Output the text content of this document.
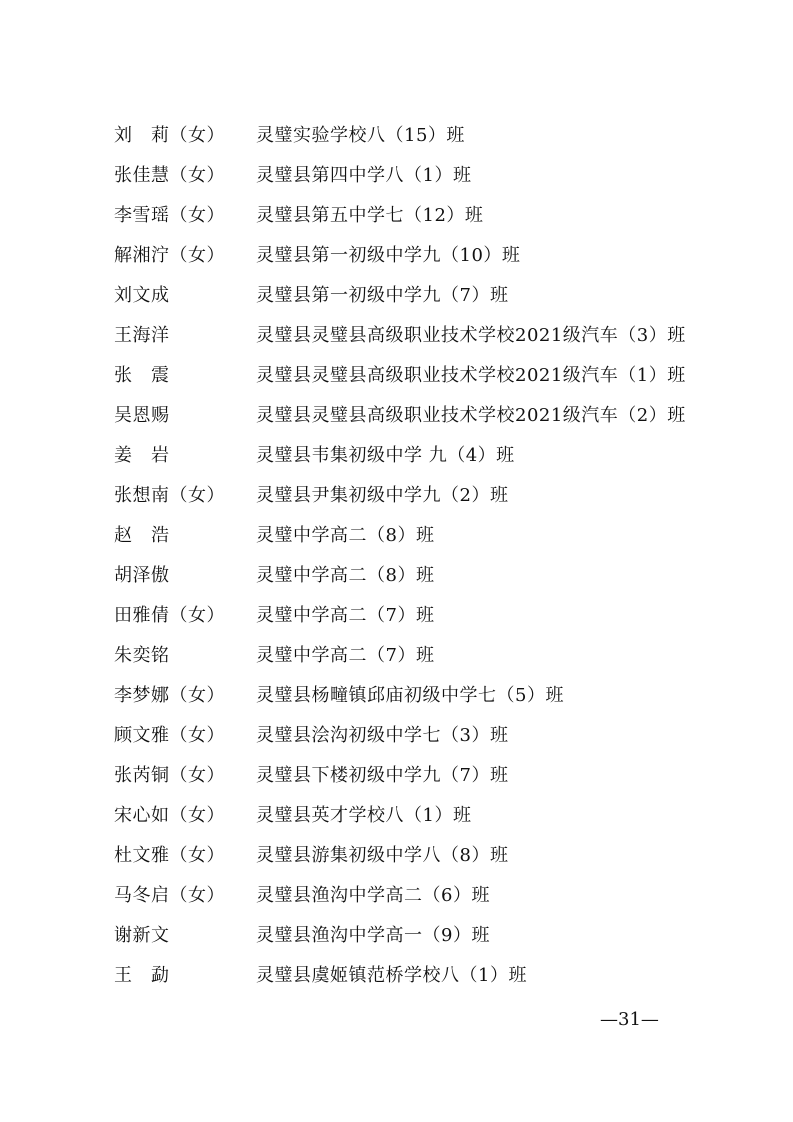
刘　莉（女）	灵璧实验学校八（15）班
张佳慧（女）	灵璧县第四中学八（1）班
李雪瑶（女）	灵璧县第五中学七（12）班
解湘泞（女）	灵璧县第一初级中学九（10）班
刘文成	灵璧县第一初级中学九（7）班
王海洋	灵璧县灵璧县高级职业技术学校2021级汽车（3）班
张　震	灵璧县灵璧县高级职业技术学校2021级汽车（1）班
吴恩赐	灵璧县灵璧县高级职业技术学校2021级汽车（2）班
姜　岩	灵璧县韦集初级中学 九（4）班
张想南（女）	灵璧县尹集初级中学九（2）班
赵　浩	灵璧中学高二（8）班
胡泽傲	灵璧中学高二（8）班
田雅倩（女）	灵璧中学高二（7）班
朱奕铭	灵璧中学高二（7）班
李梦娜（女）	灵璧县杨疃镇邱庙初级中学七（5）班
顾文雅（女）	灵璧县浍沟初级中学七（3）班
张芮铜（女）	灵璧县下楼初级中学九（7）班
宋心如（女）	灵璧县英才学校八（1）班
杜文雅（女）	灵璧县游集初级中学八（8）班
马冬启（女）	灵璧县渔沟中学高二（6）班
谢新文	灵璧县渔沟中学高一（9）班
王　勐	灵璧县虞姬镇范桥学校八（1）班
—31—
